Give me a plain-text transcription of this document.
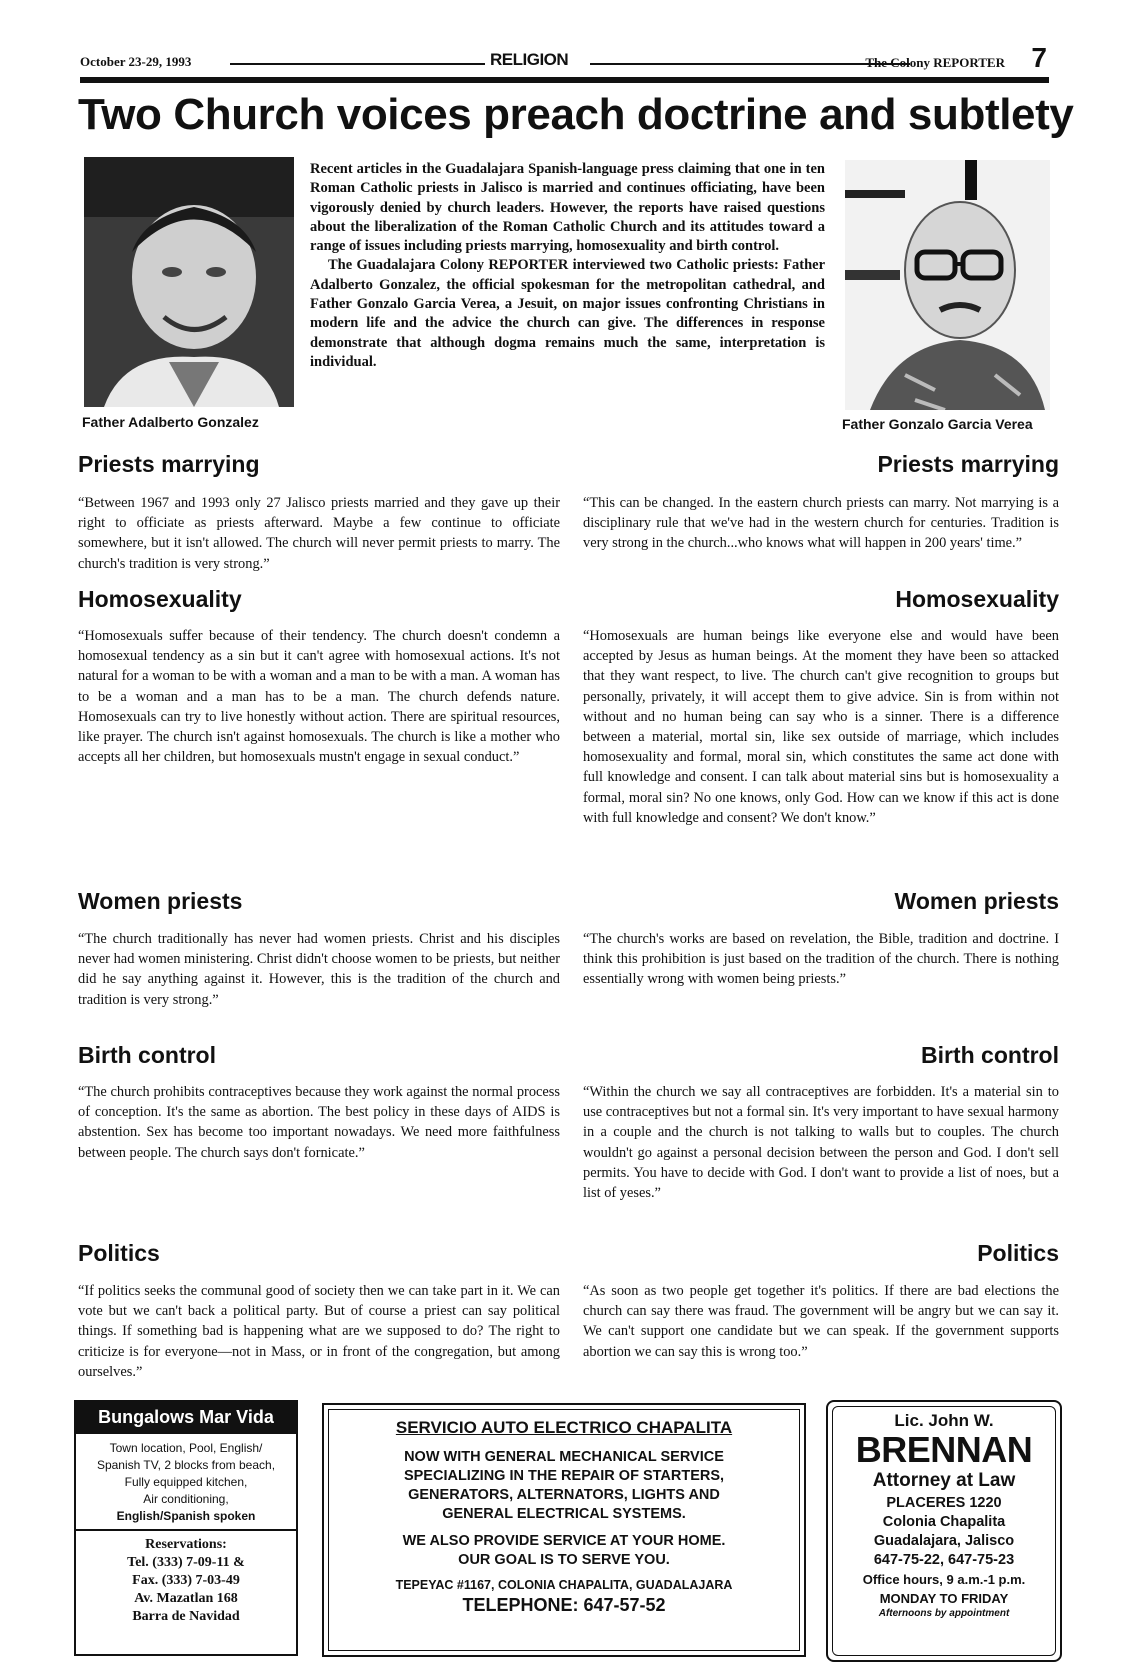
October 23-29, 1993	RELIGION	The Colony REPORTER 7
Two Church voices preach doctrine and subtlety
Father Adalberto Gonzalez	Father Gonzalo Garcia Verea

Recent articles in the Guadalajara Spanish-language press claiming that one in ten Roman Catholic priests in Jalisco is married and continues officiating, have been vigorously denied by church leaders. However, the reports have raised questions about the liberalization of the Roman Catholic Church and its attitudes toward a range of issues including priests marrying, homosexuality and birth control.

The Guadalajara Colony REPORTER interviewed two Catholic priests: Father Adalberto Gonzalez, the official spokesman for the metropolitan cathedral, and Father Gonzalo Garcia Verea, a Jesuit, on major issues confronting Christians in modern life and the advice the church can give. The differences in response demonstrate that although dogma remains much the same, interpretation is individual.

Priests marrying	Priests marrying
“Between 1967 and 1993 only 27 Jalisco priests married and they gave up their right to officiate as priests afterward. Maybe a few continue to officiate somewhere, but it isn't allowed. The church will never permit priests to marry. The church's tradition is very strong.”
“This can be changed. In the eastern church priests can marry. Not marrying is a disciplinary rule that we've had in the western church for centuries. Tradition is very strong in the church...who knows what will happen in 200 years' time.”
Homosexuality	Homosexuality
“Homosexuals suffer because of their tendency. The church doesn't condemn a homosexual tendency as a sin but it can't agree with homosexual actions. It's not natural for a woman to be with a woman and a man to be with a man. A woman has to be a woman and a man has to be a man. The church defends nature. Homosexuals can try to live honestly without action. There are spiritual resources, like prayer. The church isn't against homosexuals. The church is like a mother who accepts all her children, but homosexuals mustn't engage in sexual conduct.”
“Homosexuals are human beings like everyone else and would have been accepted by Jesus as human beings. At the moment they have been so attacked that they want respect, to live. The church can't give recognition to groups but personally, privately, it will accept them to give advice. Sin is from within not without and no human being can say who is a sinner. There is a difference between a material, mortal sin, like sex outside of marriage, which includes homosexuality and formal, moral sin, which constitutes the same act done with full knowledge and consent. I can talk about material sins but is homosexuality a formal, moral sin? No one knows, only God. How can we know if this act is done with full knowledge and consent? We don't know.”
Women priests	Women priests
“The church traditionally has never had women priests. Christ and his disciples never had women ministering. Christ didn't choose women to be priests, but neither did he say anything against it. However, this is the tradition of the church and tradition is very strong.”
“The church's works are based on revelation, the Bible, tradition and doctrine. I think this prohibition is just based on the tradition of the church. There is nothing essentially wrong with women being priests.”
Birth control	Birth control
“The church prohibits contraceptives because they work against the normal process of conception. It's the same as abortion. The best policy in these days of AIDS is abstention. Sex has become too important nowadays. We need more faithfulness between people. The church says don't fornicate.”
“Within the church we say all contraceptives are forbidden. It's a material sin to use contraceptives but not a formal sin. It's very important to have sexual harmony in a couple and the church is not talking to walls but to couples. The church wouldn't go against a personal decision between the person and God. I don't sell permits. You have to decide with God. I don't want to provide a list of noes, but a list of yeses.”
Politics	Politics
“If politics seeks the communal good of society then we can take part in it. We can vote but we can't back a political party. But of course a priest can say political things. If something bad is happening what are we supposed to do? The right to criticize is for everyone—not in Mass, or in front of the congregation, but among ourselves.”
“As soon as two people get together it's politics. If there are bad elections the church can say there was fraud. The government will be angry but we can say it. We can't support one candidate but we can speak. If the government supports abortion we can say this is wrong too.”
Bungalows Mar Vida
Town location, Pool, English/
Spanish TV, 2 blocks from beach,
Fully equipped kitchen,
Air conditioning,
English/Spanish spoken
Reservations:
Tel. (333) 7-09-11 &
Fax. (333) 7-03-49
Av. Mazatlan 168
Barra de Navidad
SERVICIO AUTO ELECTRICO CHAPALITA
NOW WITH GENERAL MECHANICAL SERVICE
SPECIALIZING IN THE REPAIR OF STARTERS,
GENERATORS, ALTERNATORS, LIGHTS AND
GENERAL ELECTRICAL SYSTEMS.
WE ALSO PROVIDE SERVICE AT YOUR HOME.
OUR GOAL IS TO SERVE YOU.
TEPEYAC #1167, COLONIA CHAPALITA, GUADALAJARA
TELEPHONE: 647-57-52
Lic. John W.
BRENNAN
Attorney at Law
PLACERES 1220
Colonia Chapalita
Guadalajara, Jalisco
647-75-22, 647-75-23
Office hours, 9 a.m.-1 p.m.
MONDAY TO FRIDAY
Afternoons by appointment
